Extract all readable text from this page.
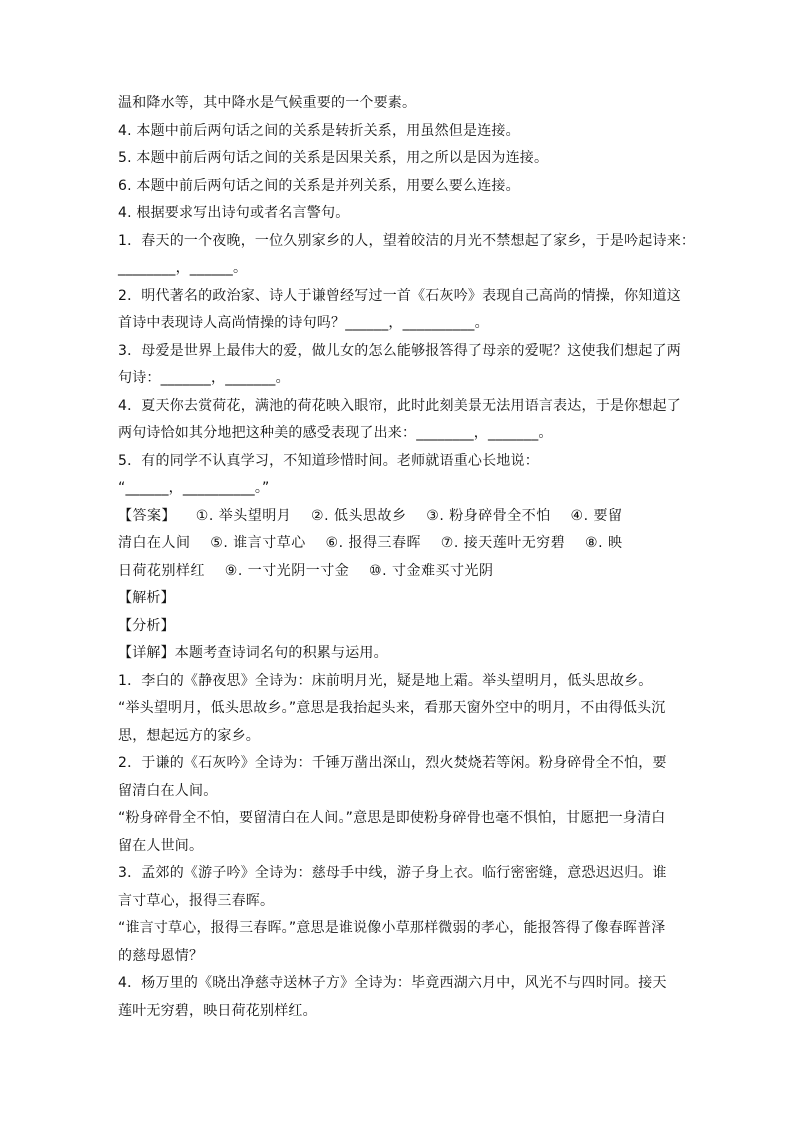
温和降水等，其中降水是气候重要的一个要素。
4. 本题中前后两句话之间的关系是转折关系，用虽然但是连接。
5. 本题中前后两句话之间的关系是因果关系，用之所以是因为连接。
6. 本题中前后两句话之间的关系是并列关系，用要么要么连接。
4. 根据要求写出诗句或者名言警句。
1．春天的一个夜晚，一位久别家乡的人，望着皎洁的月光不禁想起了家乡，于是吟起诗来：
________，______。
2．明代著名的政治家、诗人于谦曾经写过一首《石灰吟》表现自己高尚的情操，你知道这
首诗中表现诗人高尚情操的诗句吗？______，__________。
3．母爱是世界上最伟大的爱，做儿女的怎么能够报答得了母亲的爱呢？这使我们想起了两
句诗：_______，_______。
4．夏天你去赏荷花，满池的荷花映入眼帘，此时此刻美景无法用语言表达，于是你想起了
两句诗恰如其分地把这种美的感受表现了出来：________，_______。
5．有的同学不认真学习，不知道珍惜时间。老师就语重心长地说：
“______，__________。”
【答案】    ①. 举头望明月    ②. 低头思故乡    ③. 粉身碎骨全不怕    ④. 要留
清白在人间    ⑤. 谁言寸草心    ⑥. 报得三春晖    ⑦. 接天莲叶无穷碧    ⑧. 映
日荷花别样红    ⑨. 一寸光阴一寸金    ⑩. 寸金难买寸光阴
【解析】
【分析】
【详解】本题考查诗词名句的积累与运用。
1．李白的《静夜思》全诗为：床前明月光，疑是地上霜。举头望明月，低头思故乡。
“举头望明月，低头思故乡。”意思是我抬起头来，看那天窗外空中的明月，不由得低头沉
思，想起远方的家乡。
2．于谦的《石灰吟》全诗为：千锤万凿出深山，烈火焚烧若等闲。粉身碎骨全不怕，要
留清白在人间。
“粉身碎骨全不怕，要留清白在人间。”意思是即使粉身碎骨也毫不惧怕，甘愿把一身清白
留在人世间。
3．孟郊的《游子吟》全诗为：慈母手中线，游子身上衣。临行密密缝，意恐迟迟归。谁
言寸草心，报得三春晖。
“谁言寸草心，报得三春晖。”意思是谁说像小草那样微弱的孝心，能报答得了像春晖普泽
的慈母恩情？
4．杨万里的《晓出净慈寺送林子方》全诗为：毕竟西湖六月中，风光不与四时同。接天
莲叶无穷碧，映日荷花别样红。
